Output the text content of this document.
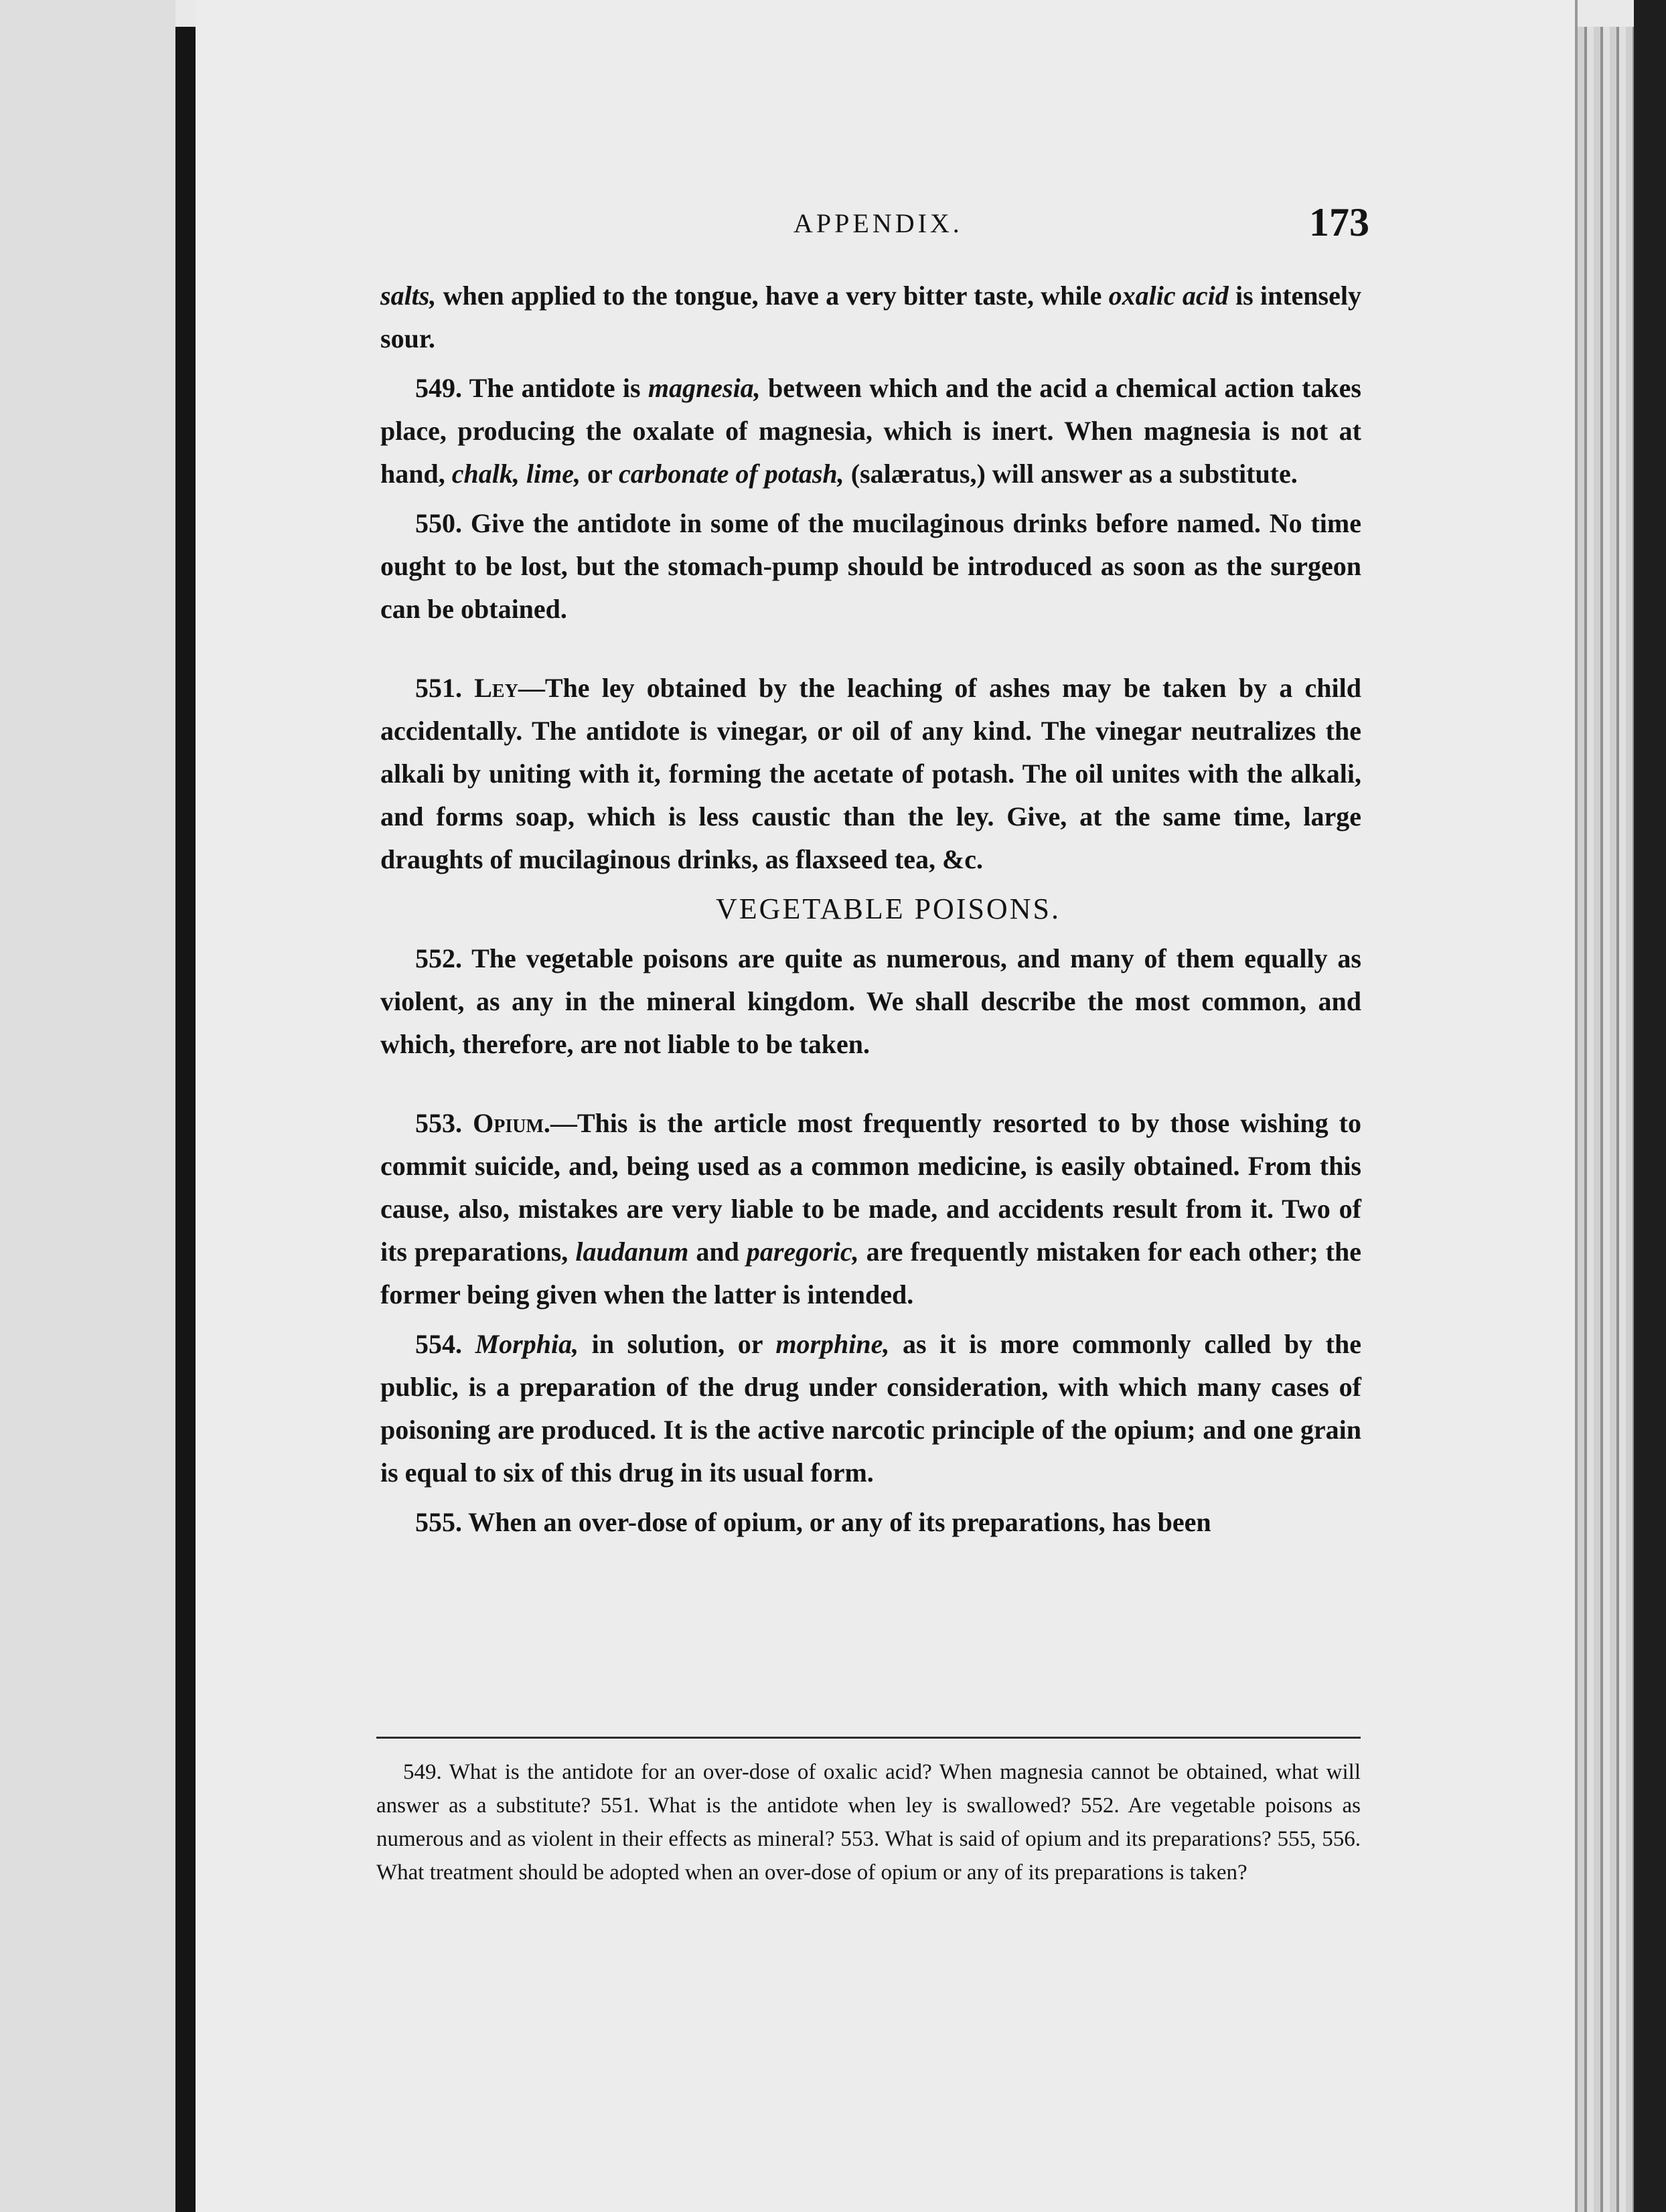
APPENDIX.	173

salts, when applied to the tongue, have a very bitter taste, while oxalic acid is intensely sour.

549. The antidote is magnesia, between which and the acid a chemical action takes place, producing the oxalate of magnesia, which is inert. When magnesia is not at hand, chalk, lime, or carbonate of potash, (salæratus,) will answer as a substitute.

550. Give the antidote in some of the mucilaginous drinks before named. No time ought to be lost, but the stomach-pump should be introduced as soon as the surgeon can be obtained.

551. Ley—The ley obtained by the leaching of ashes may be taken by a child accidentally. The antidote is vinegar, or oil of any kind. The vinegar neutralizes the alkali by uniting with it, forming the acetate of potash. The oil unites with the alkali, and forms soap, which is less caustic than the ley. Give, at the same time, large draughts of mucilaginous drinks, as flaxseed tea, &c.

VEGETABLE POISONS.

552. The vegetable poisons are quite as numerous, and many of them equally as violent, as any in the mineral kingdom. We shall describe the most common, and which, therefore, are not liable to be taken.

553. Opium.—This is the article most frequently resorted to by those wishing to commit suicide, and, being used as a common medicine, is easily obtained. From this cause, also, mistakes are very liable to be made, and accidents result from it. Two of its preparations, laudanum and paregoric, are frequently mistaken for each other; the former being given when the latter is intended.

554. Morphia, in solution, or morphine, as it is more commonly called by the public, is a preparation of the drug under consideration, with which many cases of poisoning are produced. It is the active narcotic principle of the opium; and one grain is equal to six of this drug in its usual form.

555. When an over-dose of opium, or any of its preparations, has been

549. What is the antidote for an over-dose of oxalic acid? When magnesia cannot be obtained, what will answer as a substitute? 551. What is the antidote when ley is swallowed? 552. Are vegetable poisons as numerous and as violent in their effects as mineral? 553. What is said of opium and its preparations? 555, 556. What treatment should be adopted when an over-dose of opium or any of its preparations is taken?
